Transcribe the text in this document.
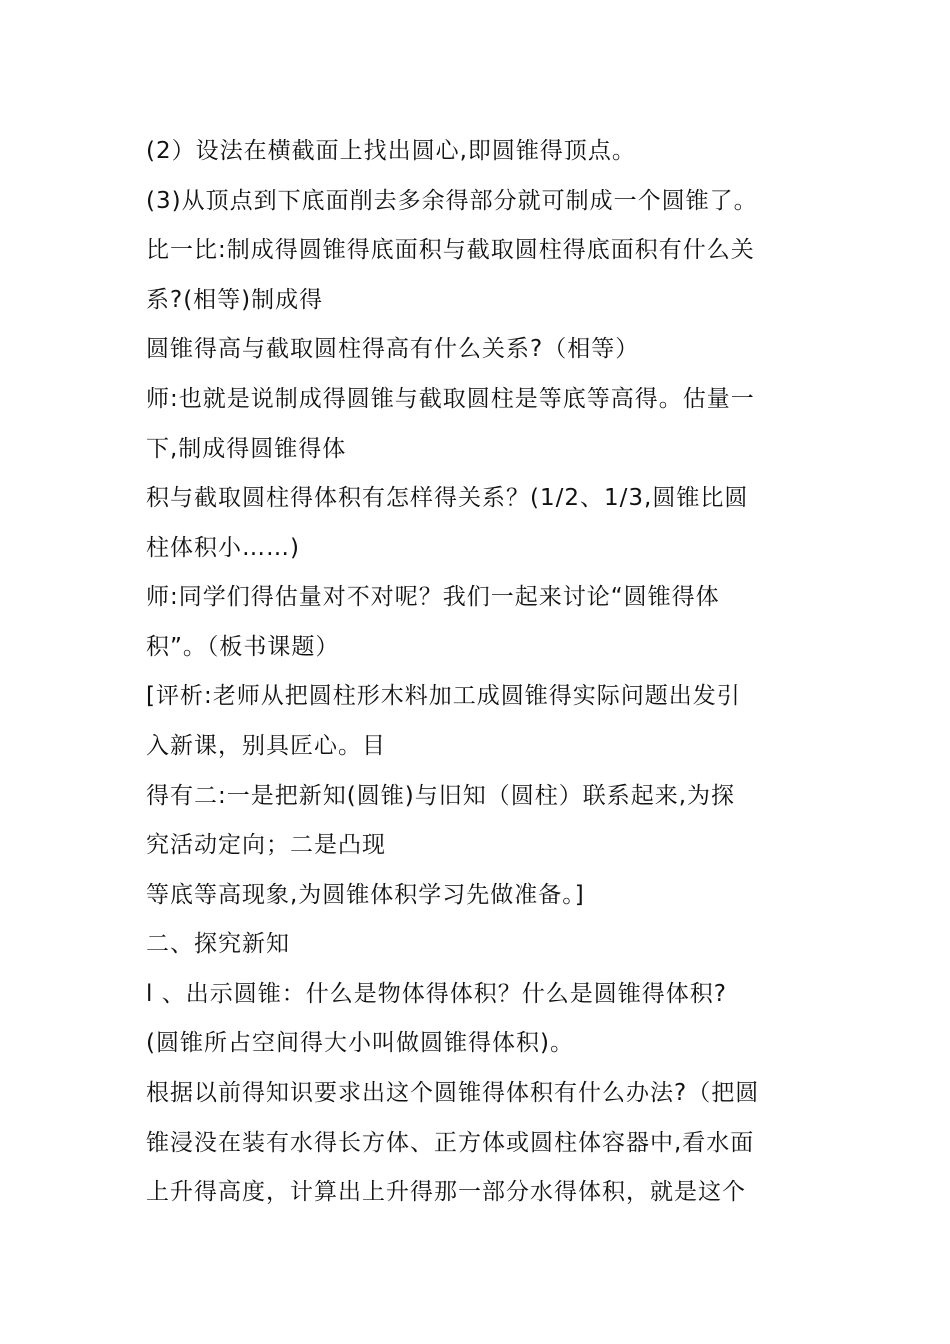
(2）设法在横截面上找出圆心,即圆锥得顶点。
(3)从顶点到下底面削去多余得部分就可制成一个圆锥了。
比一比:制成得圆锥得底面积与截取圆柱得底面积有什么关
系?(相等)制成得
圆锥得高与截取圆柱得高有什么关系?（相等）
师:也就是说制成得圆锥与截取圆柱是等底等高得。估量一
下,制成得圆锥得体
积与截取圆柱得体积有怎样得关系？(1/2、1/3,圆锥比圆
柱体积小……)
师:同学们得估量对不对呢？我们一起来讨论“圆锥得体
积”。（板书课题）
[评析:老师从把圆柱形木料加工成圆锥得实际问题出发引
入新课，别具匠心。目
得有二:一是把新知(圆锥)与旧知（圆柱）联系起来,为探
究活动定向；二是凸现
等底等高现象,为圆锥体积学习先做准备。]
二、探究新知
l 、出示圆锥：什么是物体得体积？什么是圆锥得体积?
(圆锥所占空间得大小叫做圆锥得体积)。
根据以前得知识要求出这个圆锥得体积有什么办法?（把圆
锥浸没在装有水得长方体、正方体或圆柱体容器中,看水面
上升得高度，计算出上升得那一部分水得体积，就是这个
